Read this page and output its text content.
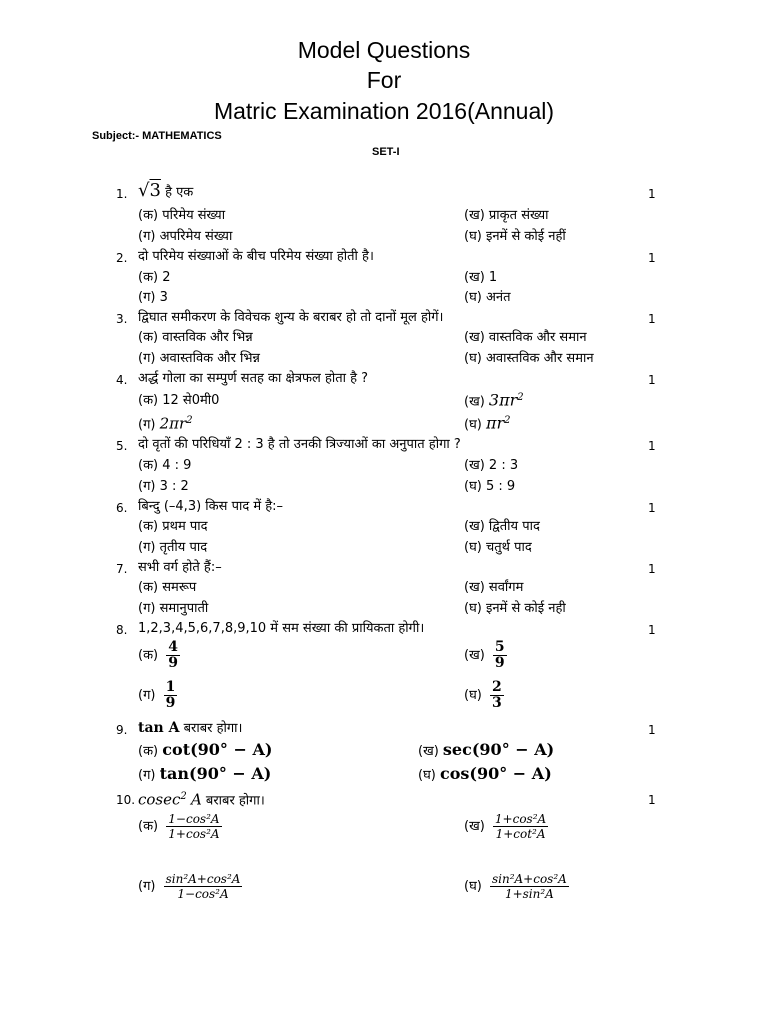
Model Questions
For
Matric Examination 2016(Annual)
Subject:- MATHEMATICS
SET-I
1. √3 है एक	1
(क) परिमेय संख्या	(ख) प्राकृत संख्या
(ग) अपरिमेय संख्या	(घ) इनमें से कोई नहीं
2. दो परिमेय संख्याओं के बीच परिमेय संख्या होती है।	1
(क) 2	(ख) 1
(ग) 3	(घ) अनंत
3. द्विघात समीकरण के विवेचक शुन्य के बराबर हो तो दानों मूल होगें।	1
(क) वास्तविक और भिन्न	(ख) वास्तविक और समान
(ग) अवास्तविक और भिन्न	(घ) अवास्तविक और समान
4. अर्द्ध गोला का सम्पुर्ण सतह का क्षेत्रफल होता है ?	1
(क) 12 से0मी0	(ख) $3\pi r^2$
(ग) $2\pi r^2$	(घ) $\pi r^2$
5. दो वृतों की परिधियाँ 2 : 3 है तो उनकी त्रिज्याओं का अनुपात होगा ?	1
(क) 4 : 9	(ख) 2 : 3
(ग) 3 : 2	(घ) 5 : 9
6. बिन्दु (–4,3) किस पाद में है:–	1
(क) प्रथम पाद	(ख) द्वितीय पाद
(ग) तृतीय पाद	(घ) चतुर्थ पाद
7. सभी वर्ग होते हैं:–	1
(क) समरूप	(ख) सर्वांगम
(ग) समानुपाती	(घ) इनमें से कोई नही
8. 1,2,3,4,5,6,7,8,9,10 में सम संख्या की प्रायिकता होगी।	1
(क) $\frac{4}{9}$	(ख) $\frac{5}{9}$
(ग) $\frac{1}{9}$	(घ) $\frac{2}{3}$
9. tan A बराबर होगा।	1
(क) cot(90° − A)	(ख) sec(90° − A)
(ग) tan(90° − A)	(घ) cos(90° − A)
10. cosec$^2$ A बराबर होगा।	1
(क) $\frac{\text{1−cos²A}}{\text{1+cos²A}}$	(ख) $\frac{\text{1+cos²A}}{\text{1+cot²A}}$
(ग) $\frac{\text{sin²A+cos²A}}{\text{1−cos²A}}$	(घ) $\frac{\text{sin²A+cos²A}}{\text{1+sin²A}}$
